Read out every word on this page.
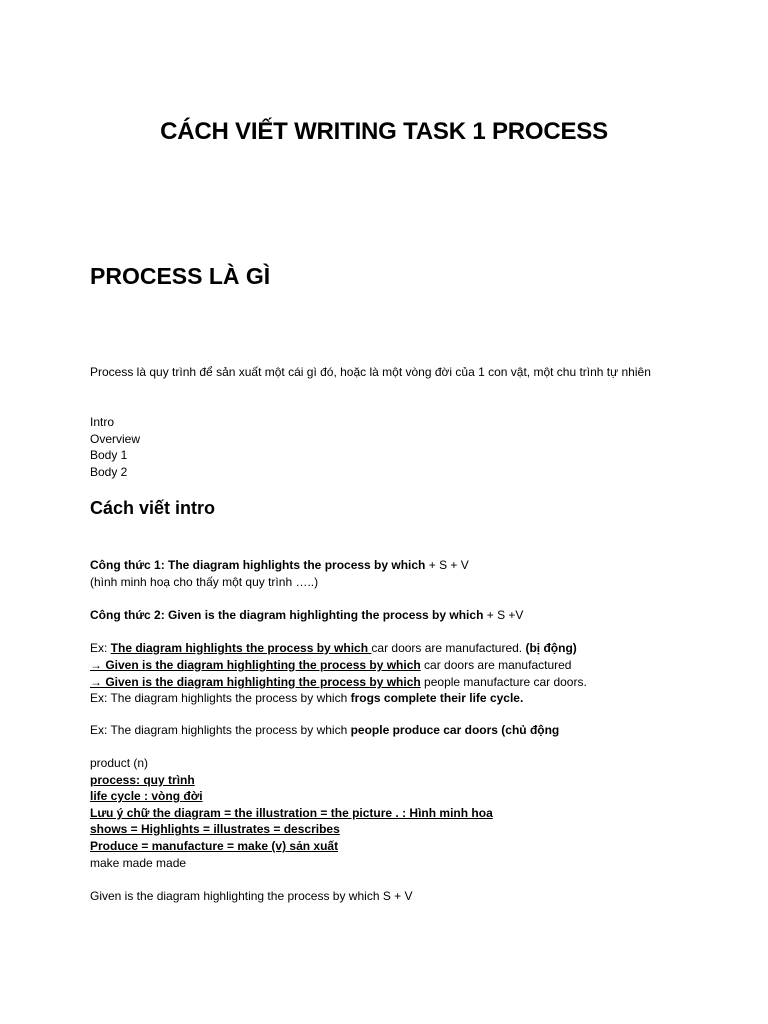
CÁCH VIẾT WRITING TASK 1 PROCESS
PROCESS LÀ GÌ
Process là quy trình để sản xuất một cái gì đó, hoặc là một vòng đời của 1 con vật, một chu trình tự nhiên
Intro
Overview
Body 1
Body 2
Cách viết intro
Công thức 1: The diagram highlights the process by which + S + V
(hình minh hoạ cho thấy một quy trình …..)
Công thức 2: Given is the diagram highlighting the process by which + S +V
Ex: The diagram highlights the process by which car doors are manufactured. (bị động)
→ Given is the diagram highlighting the process by which car doors are manufactured
→ Given is the diagram highlighting the process by which people manufacture car doors.
Ex: The diagram highlights the process by which frogs complete their life cycle.
Ex: The diagram highlights the process by which people produce car doors (chủ động
product (n)
process: quy trình
life cycle : vòng đời
Lưu ý chữ the diagram = the illustration = the picture . : Hình minh hoa
shows = Highlights = illustrates = describes
Produce = manufacture = make (v) sản xuất
make made made
Given is the diagram highlighting the process by which S + V
